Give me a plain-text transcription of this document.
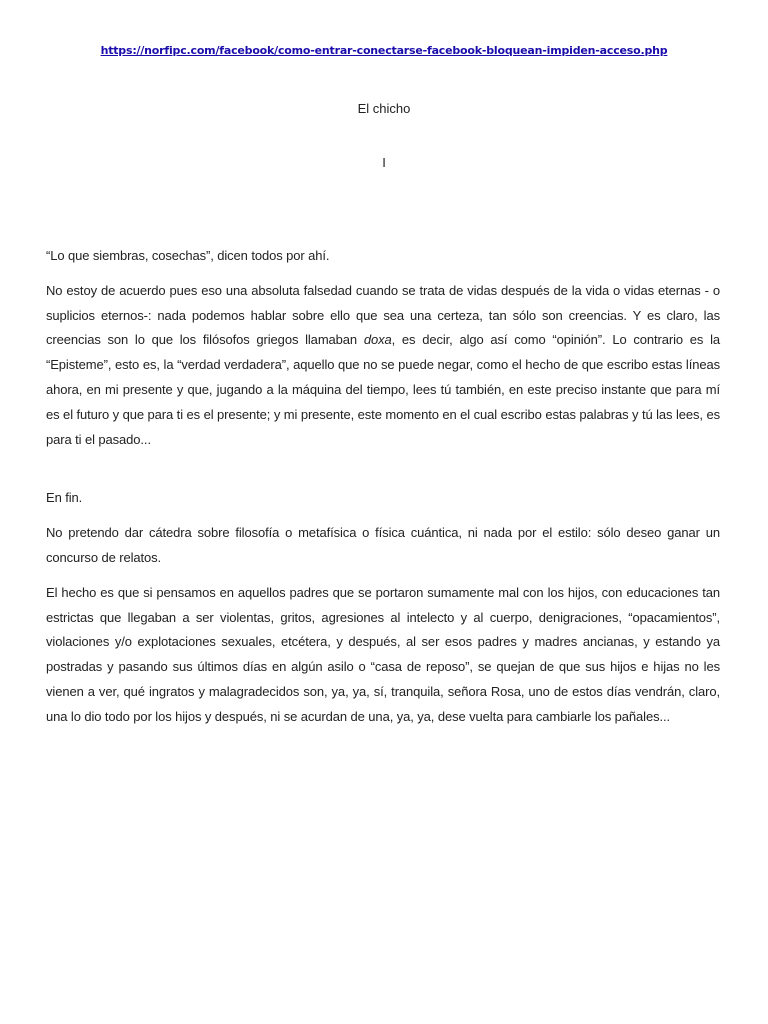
https://norfipc.com/facebook/como-entrar-conectarse-facebook-bloquean-impiden-acceso.php
El chicho
I

“Lo que siembras, cosechas”, dicen todos por ahí.

No estoy de acuerdo pues eso una absoluta falsedad cuando se trata de vidas después de la vida o vidas eternas - o suplicios eternos-: nada podemos hablar sobre ello que sea una certeza, tan sólo son creencias. Y es claro, las creencias son lo que los filósofos griegos llamaban doxa, es decir, algo así como “opinión”. Lo contrario es la “Episteme”, esto es, la “verdad verdadera”, aquello que no se puede negar, como el hecho de que escribo estas líneas ahora, en mi presente y que, jugando a la máquina del tiempo, lees tú también, en este preciso instante que para mí es el futuro y que para ti es el presente; y mi presente, este momento en el cual escribo estas palabras y tú las lees, es para ti el pasado...

En fin.

No pretendo dar cátedra sobre filosofía o metafísica o física cuántica, ni nada por el estilo: sólo deseo ganar un concurso de relatos.

El hecho es que si pensamos en aquellos padres que se portaron sumamente mal con los hijos, con educaciones tan estrictas que llegaban a ser violentas, gritos, agresiones al intelecto y al cuerpo, denigraciones, “opacamientos”, violaciones y/o explotaciones sexuales, etcétera, y después, al ser esos padres y madres ancianas, y estando ya postradas y pasando sus últimos días en algún asilo o “casa de reposo”, se quejan de que sus hijos e hijas no les vienen a ver, qué ingratos y malagradecidos son, ya, ya, sí, tranquila, señora Rosa, uno de estos días vendrán, claro, una lo dio todo por los hijos y después, ni se acurdan de una, ya, ya, dese vuelta para cambiarle los pañales...
